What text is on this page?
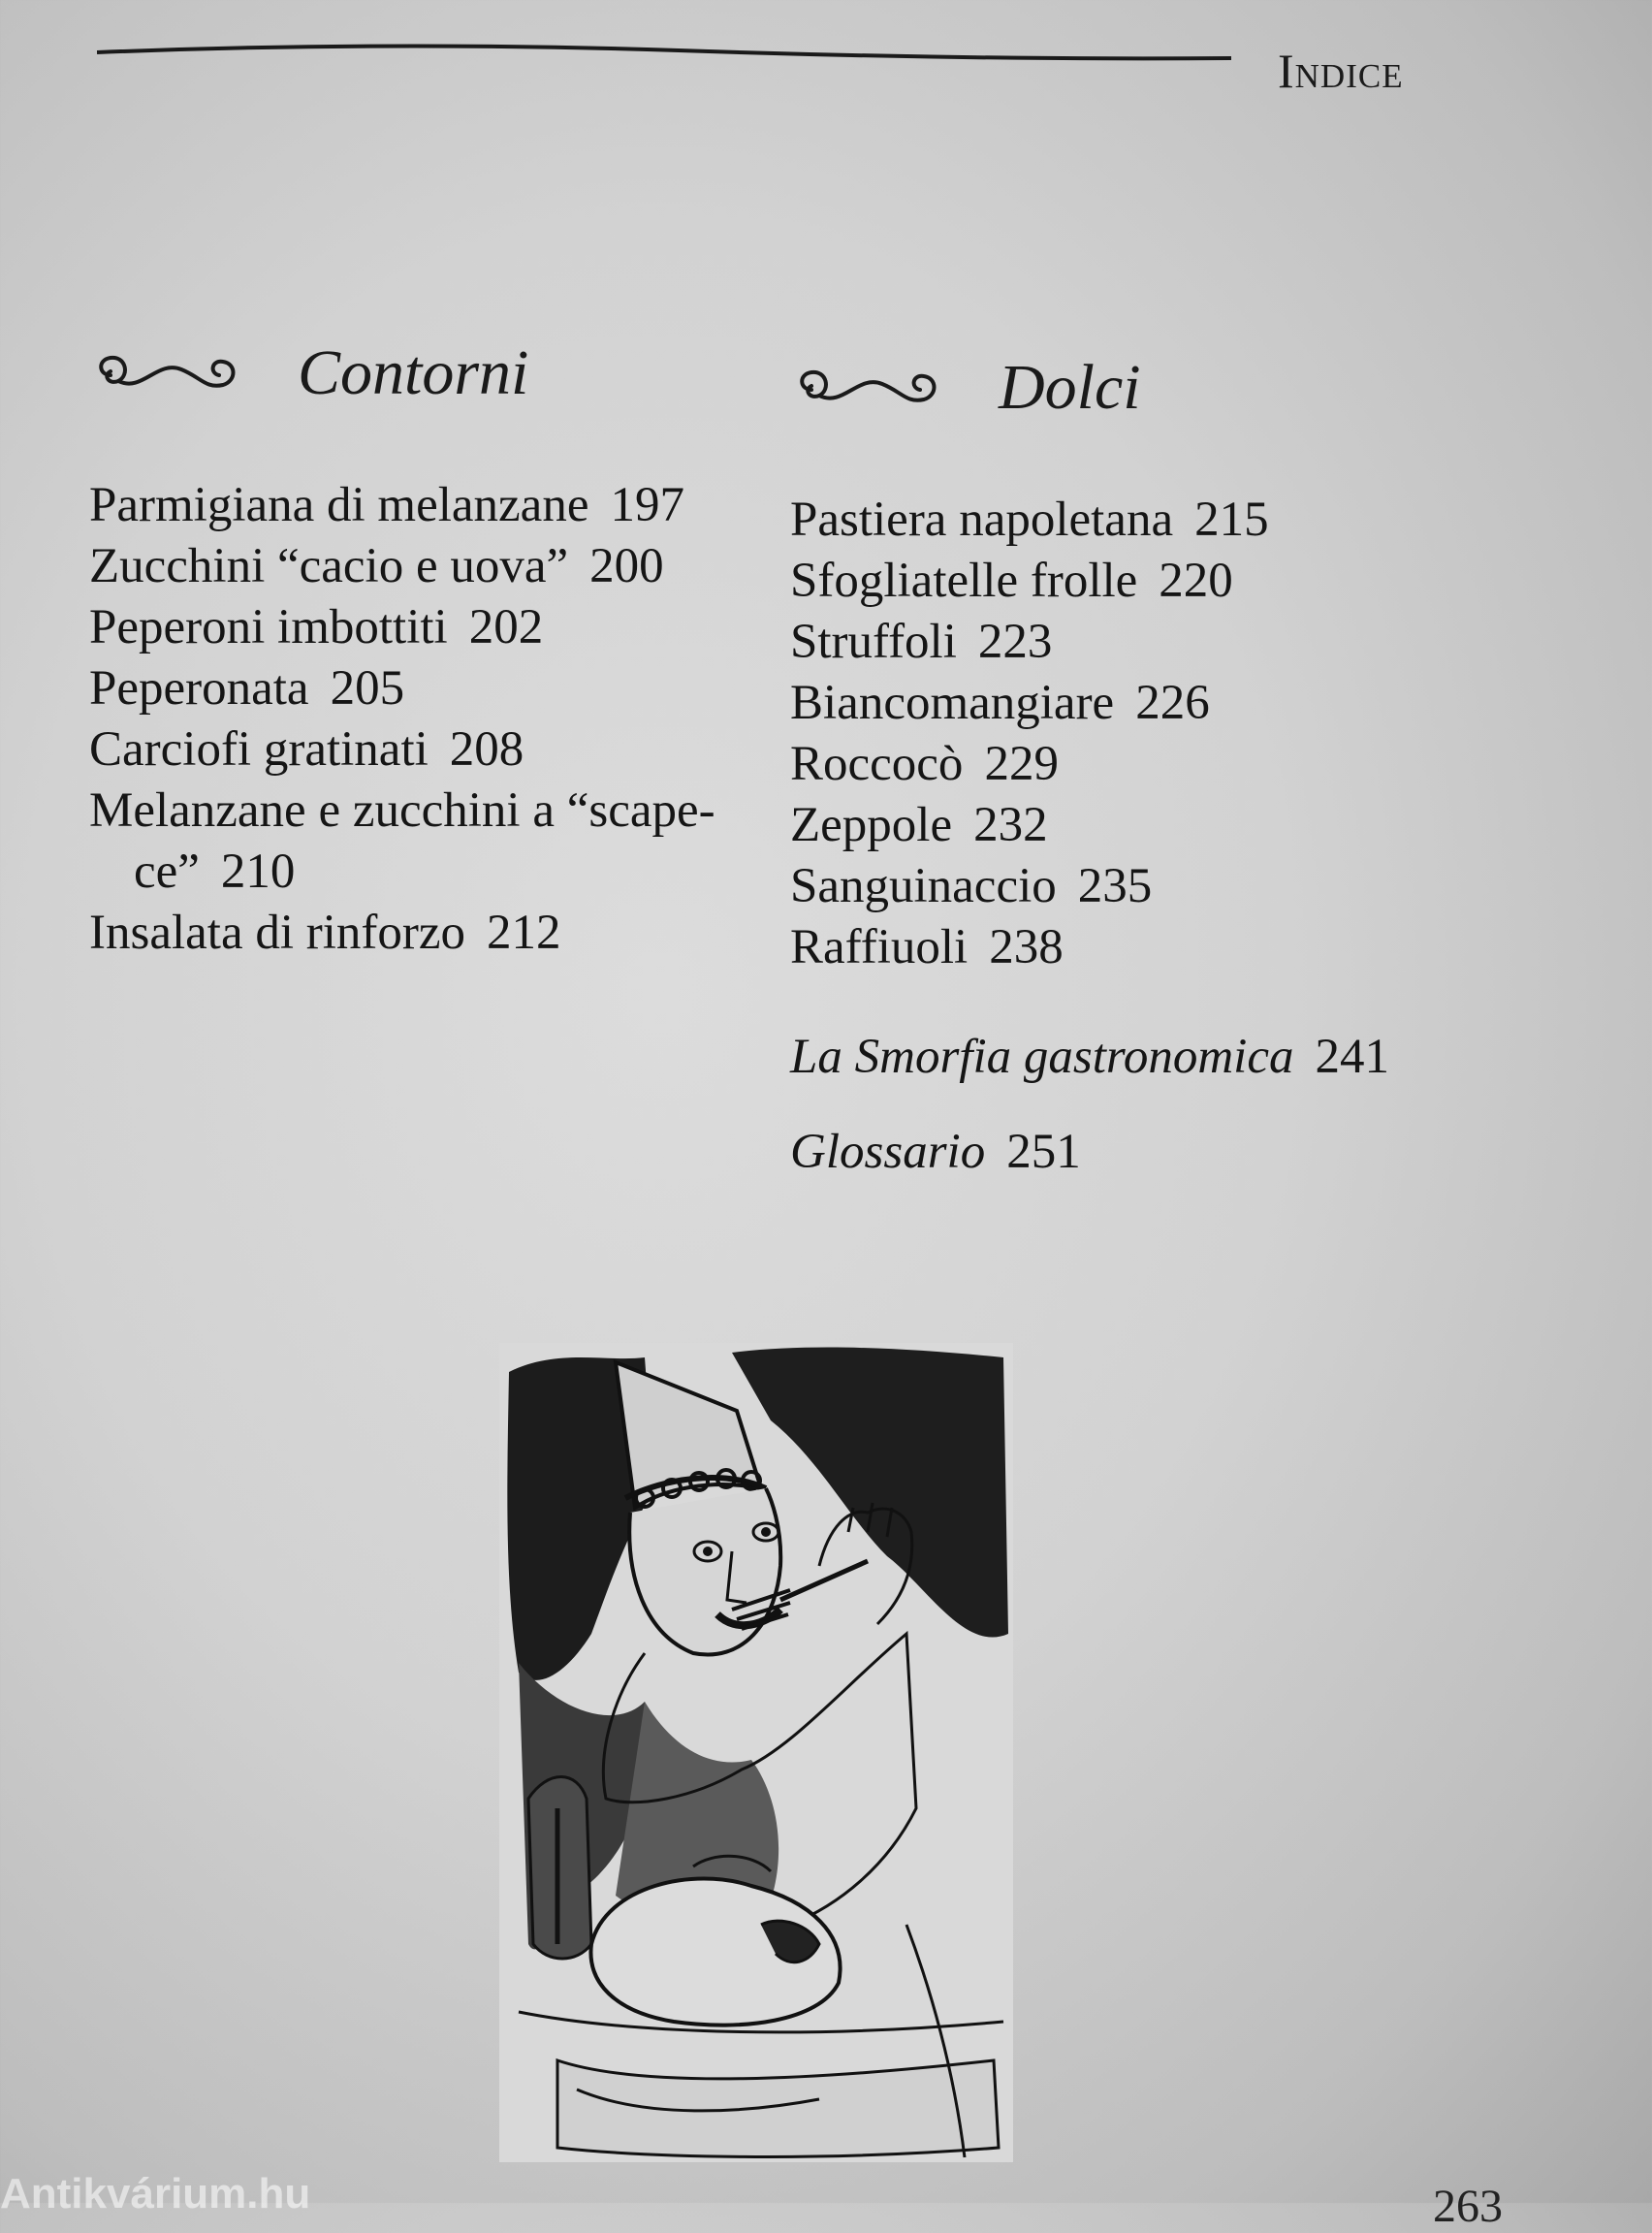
Indice
Contorni
Parmigiana di melanzane 197
Zucchini “cacio e uova” 200
Peperoni imbottiti 202
Peperonata 205
Carciofi gratinati 208
Melanzane e zucchini a “scape-
ce” 210
Insalata di rinforzo 212
Dolci
Pastiera napoletana 215
Sfogliatelle frolle 220
Struffoli 223
Biancomangiare 226
Roccocò 229
Zeppole 232
Sanguinaccio 235
Raffiuoli 238
La Smorfia gastronomica 241
Glossario 251
Antikvárium.hu	263
